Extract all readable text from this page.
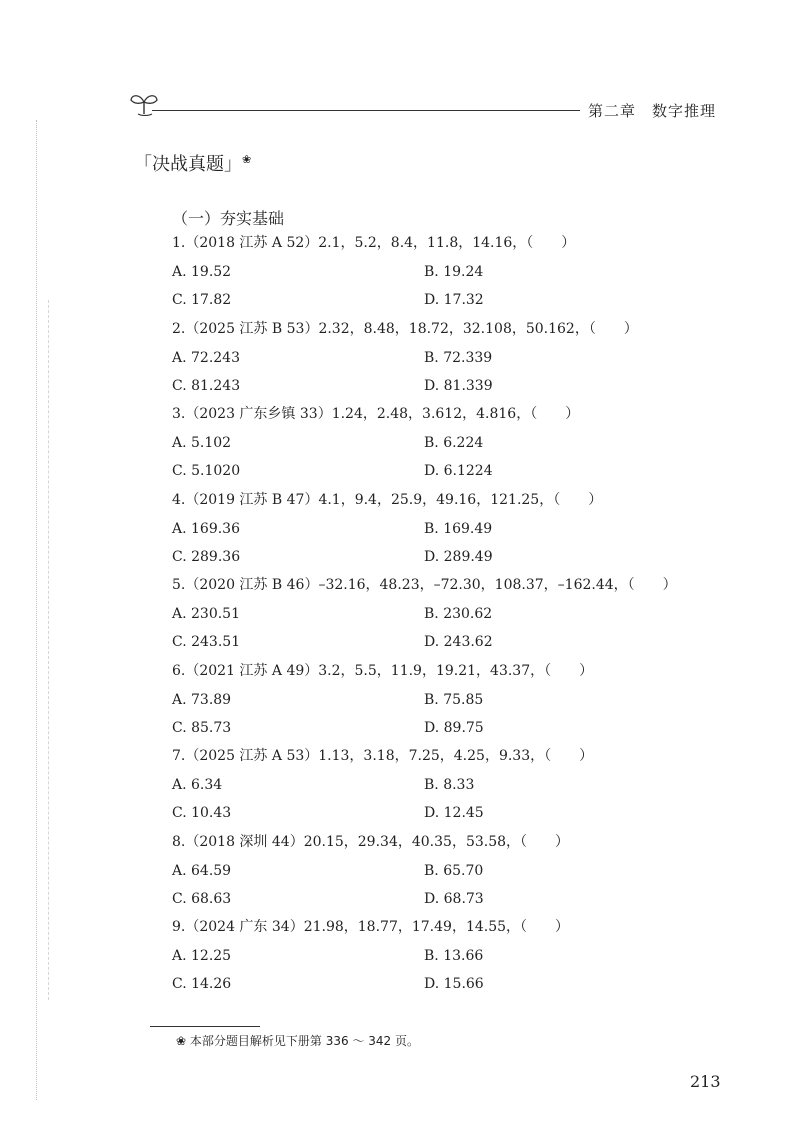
第二章　数字推理
「决战真题」❀
（一）夯实基础
1.（2018 江苏 A 52）2.1，5.2，8.4，11.8，14.16，（　　）
A. 19.52	B. 19.24
C. 17.82	D. 17.32
2.（2025 江苏 B 53）2.32，8.48，18.72，32.108，50.162，（　　）
A. 72.243	B. 72.339
C. 81.243	D. 81.339
3.（2023 广东乡镇 33）1.24，2.48，3.612，4.816，（　　）
A. 5.102	B. 6.224
C. 5.1020	D. 6.1224
4.（2019 江苏 B 47）4.1，9.4，25.9，49.16，121.25，（　　）
A. 169.36	B. 169.49
C. 289.36	D. 289.49
5.（2020 江苏 B 46）–32.16，48.23，–72.30，108.37，–162.44，（　　）
A. 230.51	B. 230.62
C. 243.51	D. 243.62
6.（2021 江苏 A 49）3.2，5.5，11.9，19.21，43.37，（　　）
A. 73.89	B. 75.85
C. 85.73	D. 89.75
7.（2025 江苏 A 53）1.13，3.18，7.25，4.25，9.33，（　　）
A. 6.34	B. 8.33
C. 10.43	D. 12.45
8.（2018 深圳 44）20.15，29.34，40.35，53.58，（　　）
A. 64.59	B. 65.70
C. 68.63	D. 68.73
9.（2024 广东 34）21.98，18.77，17.49，14.55，（　　）
A. 12.25	B. 13.66
C. 14.26	D. 15.66
❀ 本部分题目解析见下册第 336 ～ 342 页。
213
